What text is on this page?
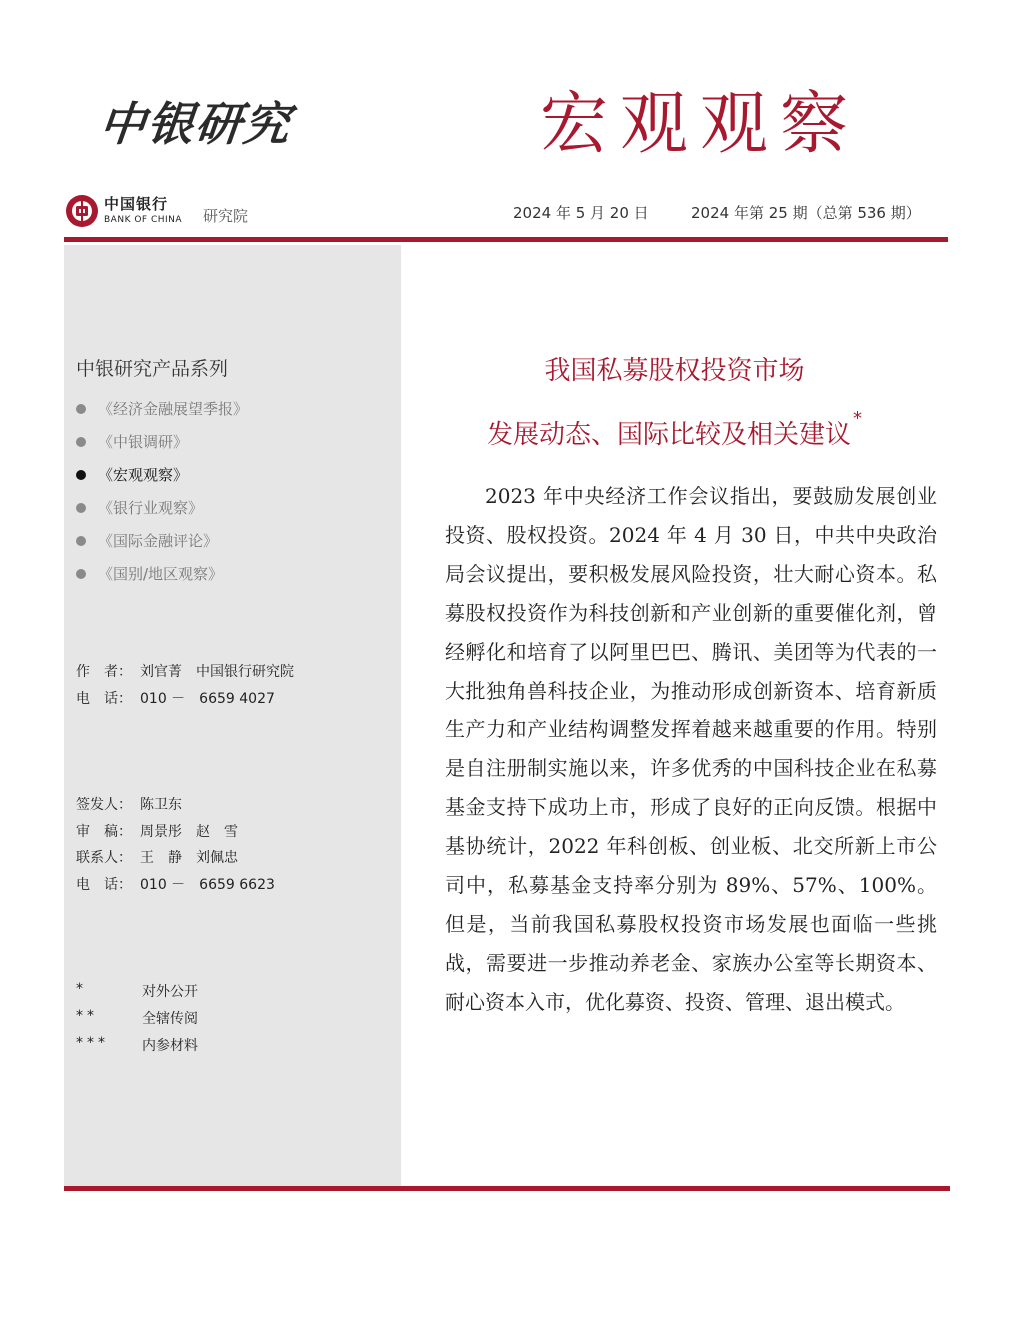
中银研究	宏观观察
中国银行
BANK OF CHINA 研究院	2024 年 5 月 20 日	2024 年第 25 期（总第 536 期）
中银研究产品系列
《经济金融展望季报》
《中银调研》
《宏观观察》
《银行业观察》
《国际金融评论》
《国别/地区观察》
作　者： 刘官菁　中国银行研究院
电　话： 010 －　6659 4027
签发人： 陈卫东
审　稿： 周景彤　赵　雪
联系人： 王　静　刘佩忠
电　话： 010 －　6659 6623
*	对外公开
**	全辖传阅
***	内参材料
我国私募股权投资市场
发展动态、国际比较及相关建议*

2023 年中央经济工作会议指出，要鼓励发展创业投资、股权投资。2024 年 4 月 30 日，中共中央政治局会议提出，要积极发展风险投资，壮大耐心资本。私募股权投资作为科技创新和产业创新的重要催化剂，曾经孵化和培育了以阿里巴巴、腾讯、美团等为代表的一大批独角兽科技企业，为推动形成创新资本、培育新质生产力和产业结构调整发挥着越来越重要的作用。特别是自注册制实施以来，许多优秀的中国科技企业在私募基金支持下成功上市，形成了良好的正向反馈。根据中基协统计，2022 年科创板、创业板、北交所新上市公司中，私募基金支持率分别为 89%、57%、100%。但是，当前我国私募股权投资市场发展也面临一些挑战，需要进一步推动养老金、家族办公室等长期资本、耐心资本入市，优化募资、投资、管理、退出模式。
